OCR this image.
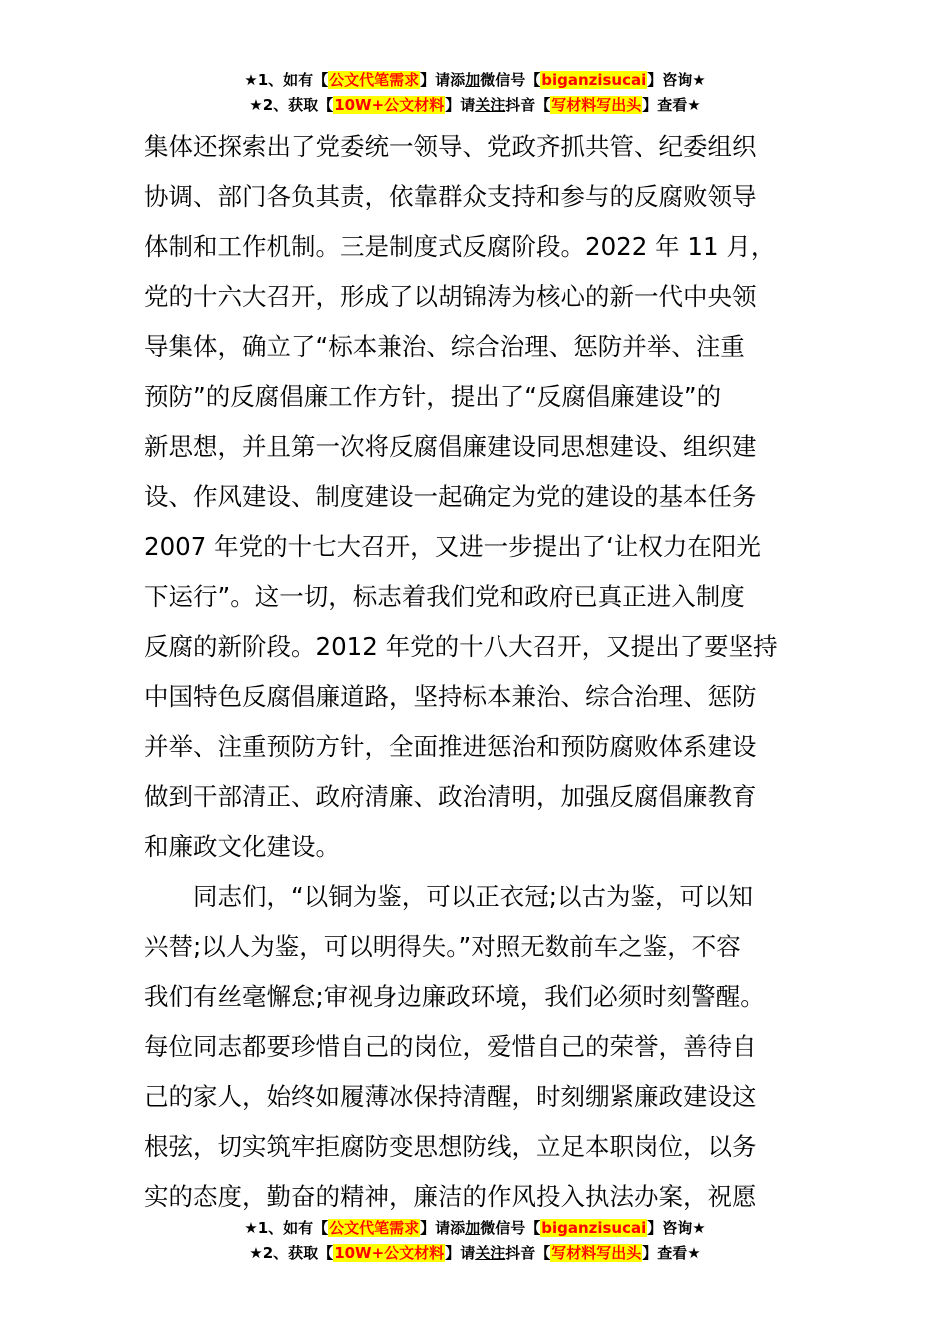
★1、如有【公文代笔需求】请添加微信号【biganzisucai】咨询★
★2、获取【10W+公文材料】请关注抖音【写材料写出头】查看★
集体还探索出了党委统一领导、党政齐抓共管、纪委组织
协调、部门各负其责，依靠群众支持和参与的反腐败领导
体制和工作机制。三是制度式反腐阶段。2022 年 11 月，
党的十六大召开，形成了以胡锦涛为核心的新一代中央领
导集体，确立了“标本兼治、综合治理、惩防并举、注重
预防”的反腐倡廉工作方针，提出了“反腐倡廉建设”的
新思想，并且第一次将反腐倡廉建设同思想建设、组织建
设、作风建设、制度建设一起确定为党的建设的基本任务
2007 年党的十七大召开，又进一步提出了‘让权力在阳光
下运行”。这一切，标志着我们党和政府已真正进入制度
反腐的新阶段。2012 年党的十八大召开，又提出了要坚持
中国特色反腐倡廉道路，坚持标本兼治、综合治理、惩防
并举、注重预防方针，全面推进惩治和预防腐败体系建设
做到干部清正、政府清廉、政治清明，加强反腐倡廉教育
和廉政文化建设。
　　同志们，“以铜为鉴，可以正衣冠;以古为鉴，可以知
兴替;以人为鉴，可以明得失。”对照无数前车之鉴，不容
我们有丝毫懈怠;审视身边廉政环境，我们必须时刻警醒。
每位同志都要珍惜自己的岗位，爱惜自己的荣誉，善待自
己的家人，始终如履薄冰保持清醒，时刻绷紧廉政建设这
根弦，切实筑牢拒腐防变思想防线，立足本职岗位，以务
实的态度，勤奋的精神，廉洁的作风投入执法办案，祝愿
★1、如有【公文代笔需求】请添加微信号【biganzisucai】咨询★
★2、获取【10W+公文材料】请关注抖音【写材料写出头】查看★
